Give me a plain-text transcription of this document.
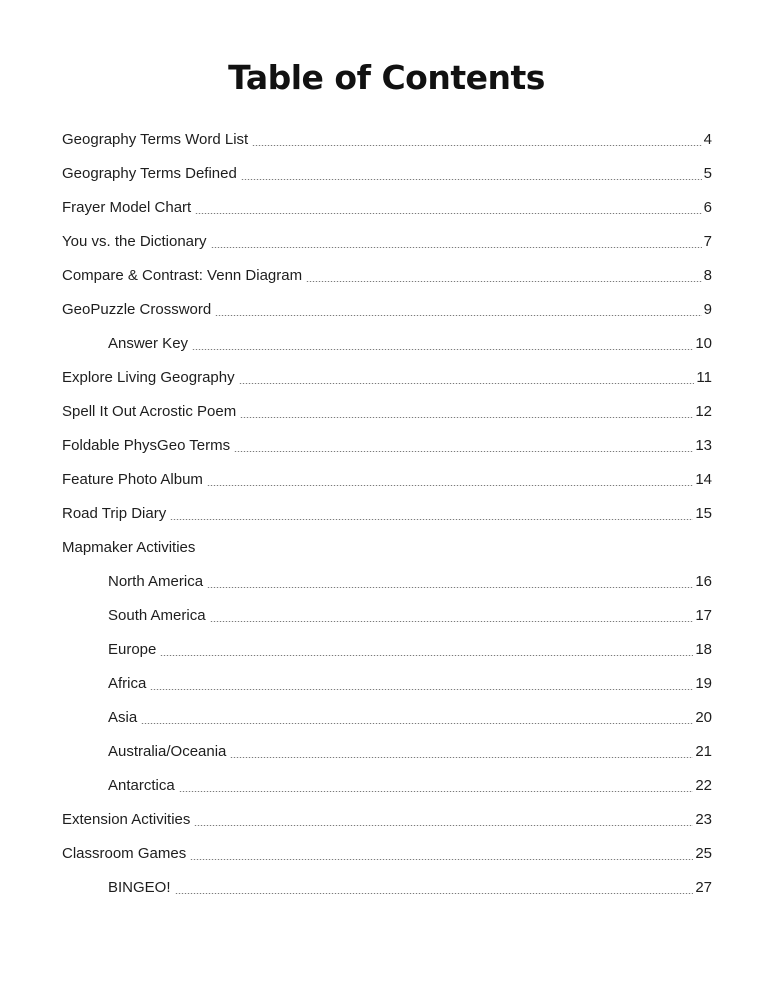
Table of Contents
Geography Terms Word List	4
Geography Terms Defined	5
Frayer Model Chart	6
You vs. the Dictionary	7
Compare & Contrast: Venn Diagram	8
GeoPuzzle Crossword	9
Answer Key	10
Explore Living Geography	11
Spell It Out Acrostic Poem	12
Foldable PhysGeo Terms	13
Feature Photo Album	14
Road Trip Diary	15
Mapmaker Activities
North America	16
South America	17
Europe	18
Africa	19
Asia	20
Australia/Oceania	21
Antarctica	22
Extension Activities	23
Classroom Games	25
BINGEO!	27
